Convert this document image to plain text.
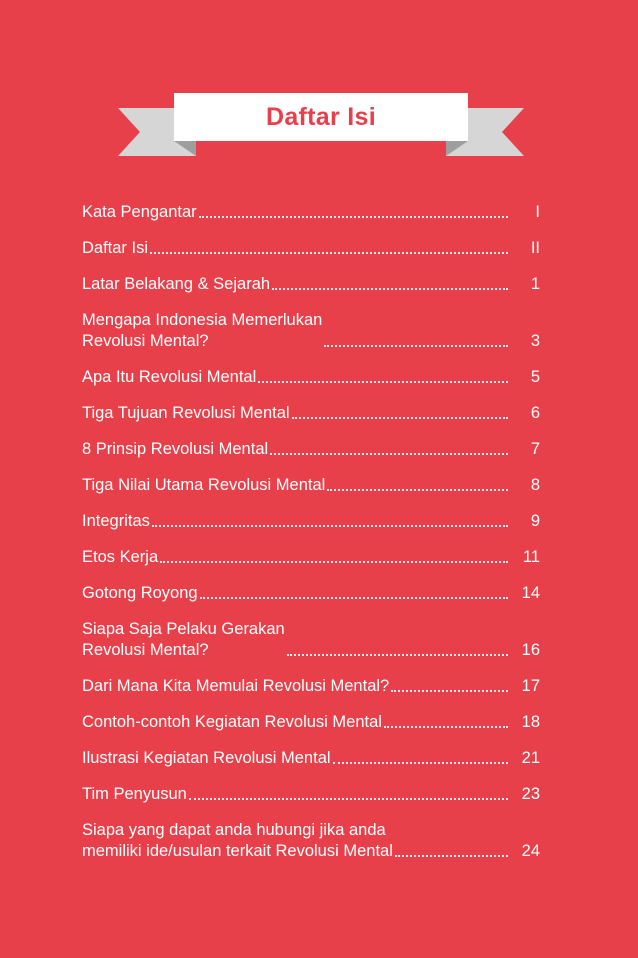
Daftar Isi
Kata Pengantar	I
Daftar Isi	II
Latar Belakang & Sejarah	1
Mengapa Indonesia Memerlukan
Revolusi Mental?	3
Apa Itu Revolusi Mental	5
Tiga Tujuan Revolusi Mental	6
8 Prinsip Revolusi Mental	7
Tiga Nilai Utama Revolusi Mental	8
Integritas	9
Etos Kerja	11
Gotong Royong	14
Siapa Saja Pelaku Gerakan
Revolusi Mental?	16
Dari Mana Kita Memulai Revolusi Mental?	17
Contoh-contoh Kegiatan Revolusi Mental	18
Ilustrasi Kegiatan Revolusi Mental	21
Tim Penyusun	23
Siapa yang dapat anda hubungi jika anda
memiliki ide/usulan terkait Revolusi Mental	24
